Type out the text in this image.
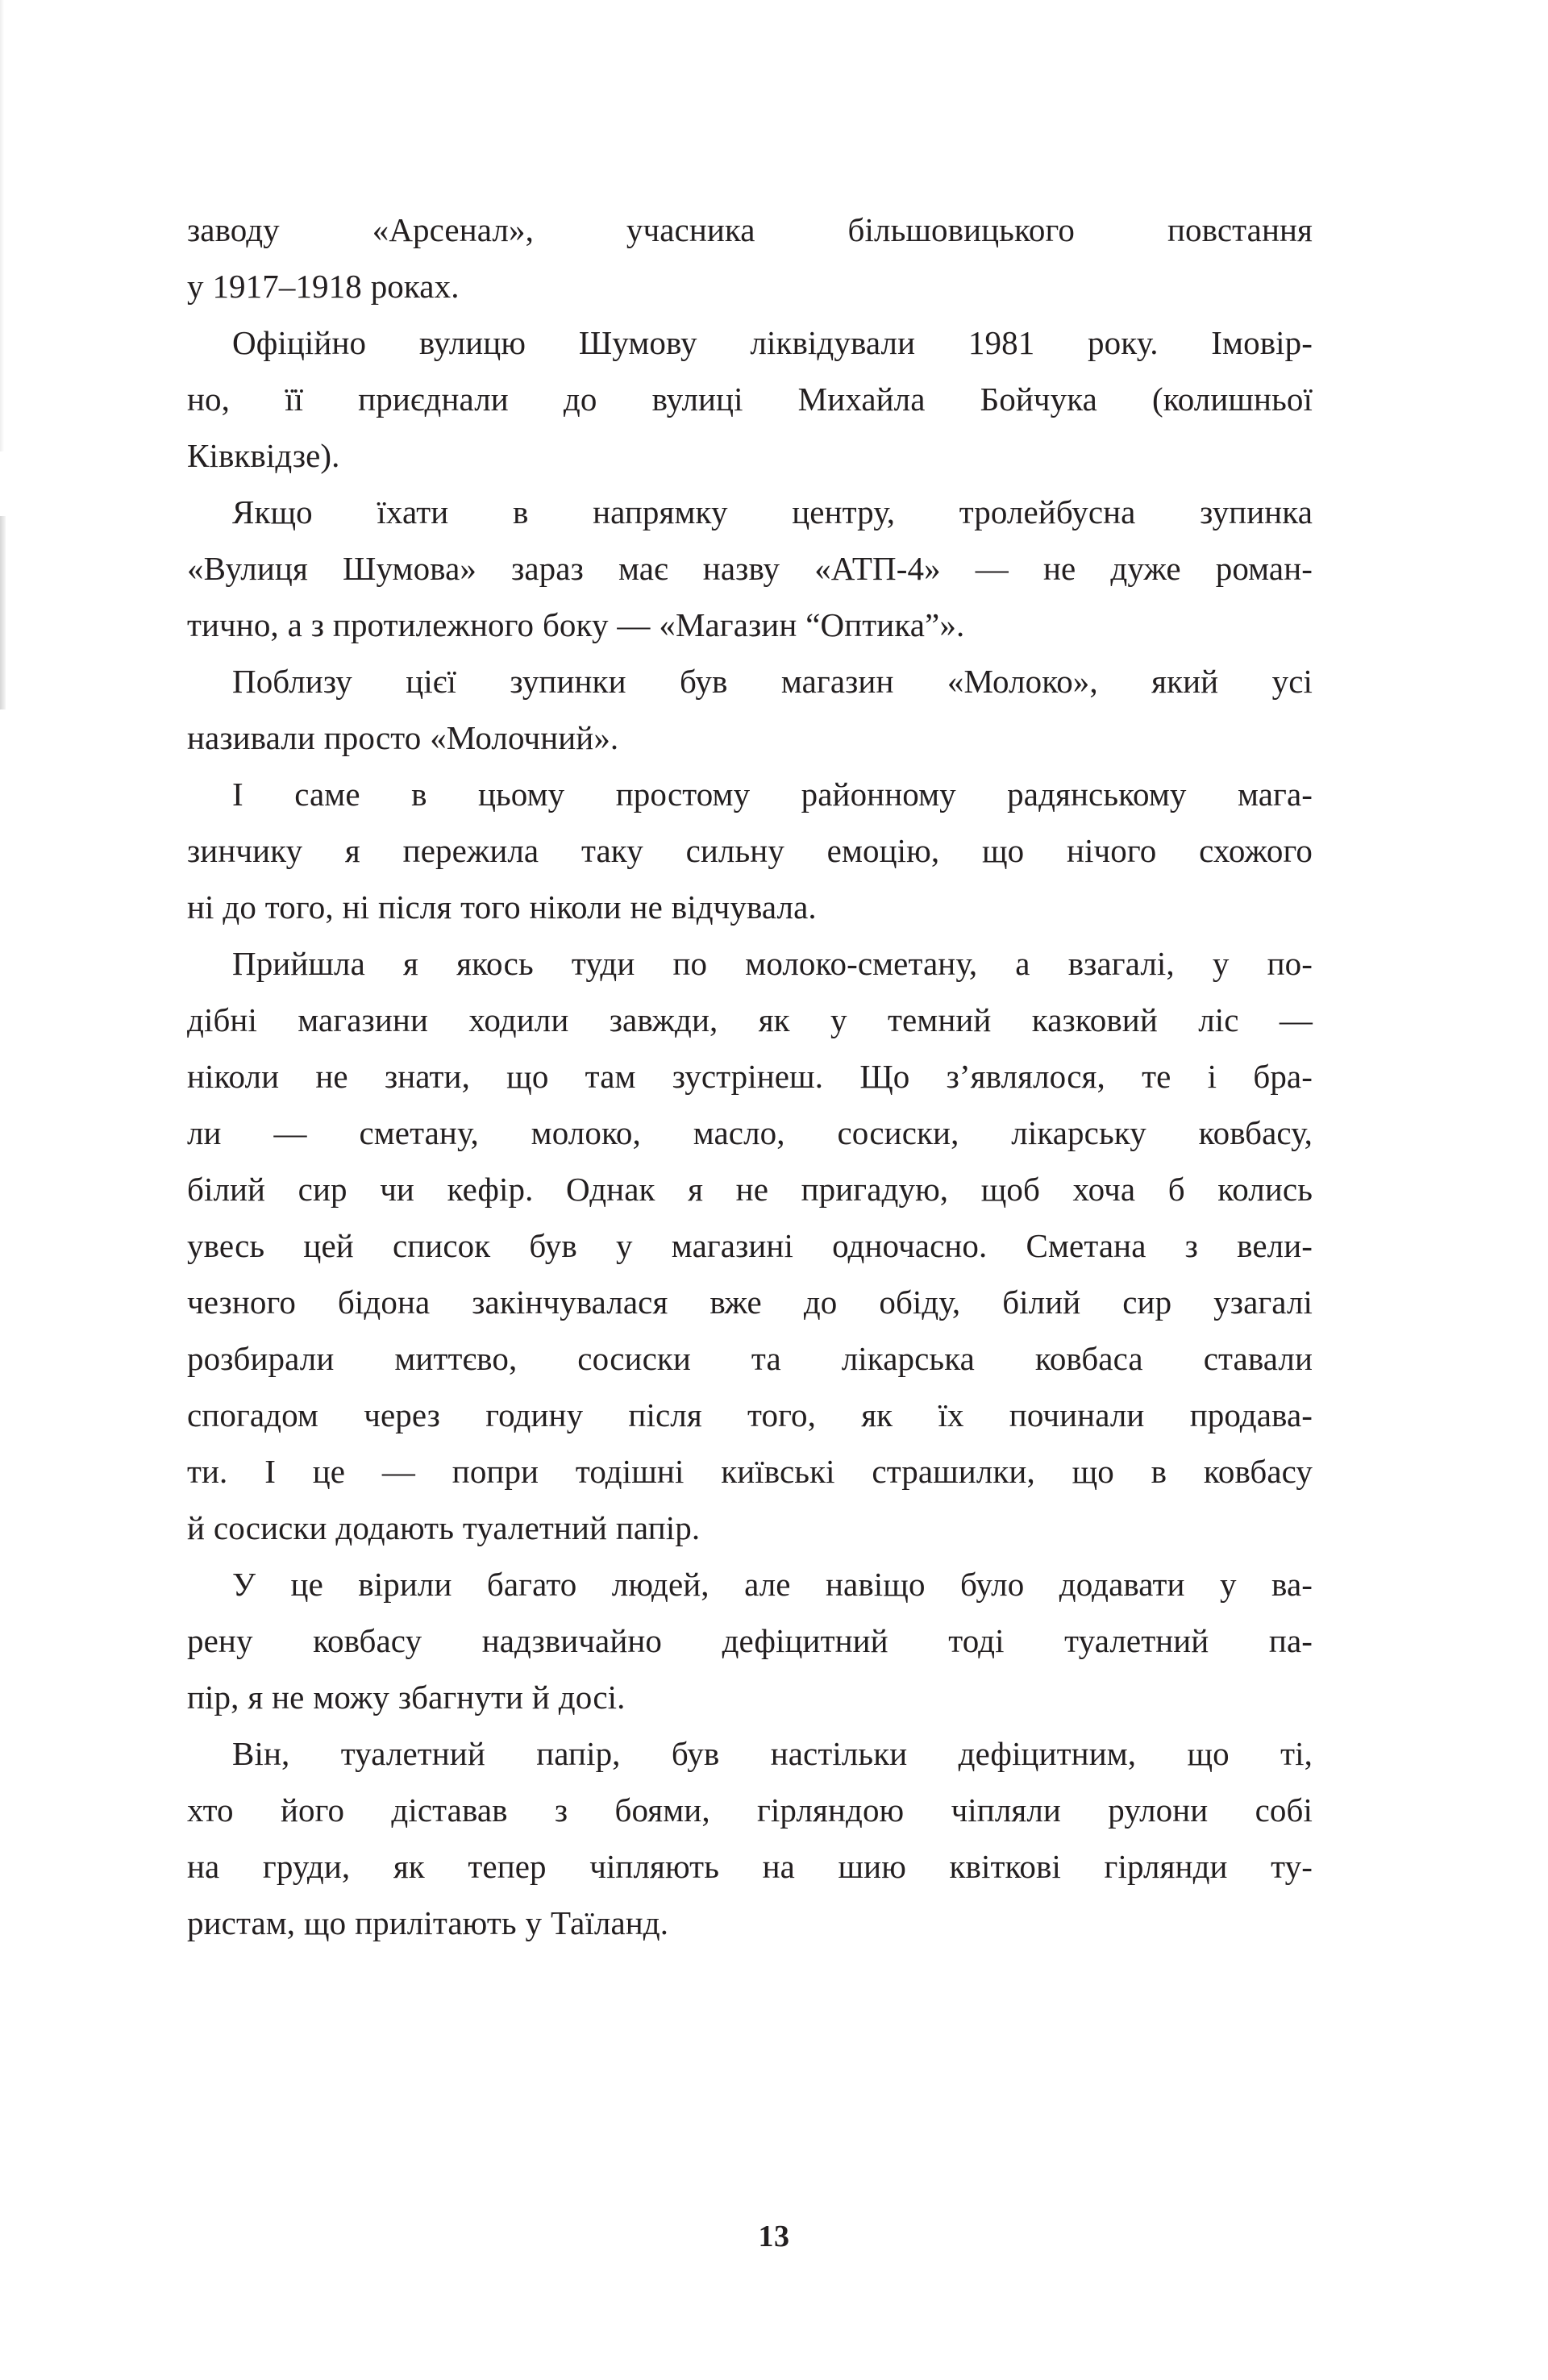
заводу «Арсенал», учасника більшовицького повстання
у 1917–1918 роках.

Офіційно вулицю Шумову ліквідували 1981 року. Імовір-
но, її приєднали до вулиці Михайла Бойчука (колишньої
Ківквідзе).

Якщо їхати в напрямку центру, тролейбусна зупинка
«Вулиця Шумова» зараз має назву «АТП-4» — не дуже роман-
тично, а з протилежного боку — «Магазин “Оптика”».

Поблизу цієї зупинки був магазин «Молоко», який усі
називали просто «Молочний».

І саме в цьому простому районному радянському мага-
зинчику я пережила таку сильну емоцію, що нічого схожого
ні до того, ні після того ніколи не відчувала.

Прийшла я якось туди по молоко-сметану, а взагалі, у по-
дібні магазини ходили завжди, як у темний казковий ліс —
ніколи не знати, що там зустрінеш. Що з’являлося, те і бра-
ли — сметану, молоко, масло, сосиски, лікарську ковбасу,
білий сир чи кефір. Однак я не пригадую, щоб хоча б колись
увесь цей список був у магазині одночасно. Сметана з вели-
чезного бідона закінчувалася вже до обіду, білий сир узагалі
розбирали миттєво, сосиски та лікарська ковбаса ставали
спогадом через годину після того, як їх починали продава-
ти. І це — попри тодішні київські страшилки, що в ковбасу
й сосиски додають туалетний папір.

У це вірили багато людей, але навіщо було додавати у ва-
рену ковбасу надзвичайно дефіцитний тоді туалетний па-
пір, я не можу збагнути й досі.

Він, туалетний папір, був настільки дефіцитним, що ті,
хто його діставав з боями, гірляндою чіпляли рулони собі
на груди, як тепер чіпляють на шию квіткові гірлянди ту-
ристам, що прилітають у Таїланд.

13
